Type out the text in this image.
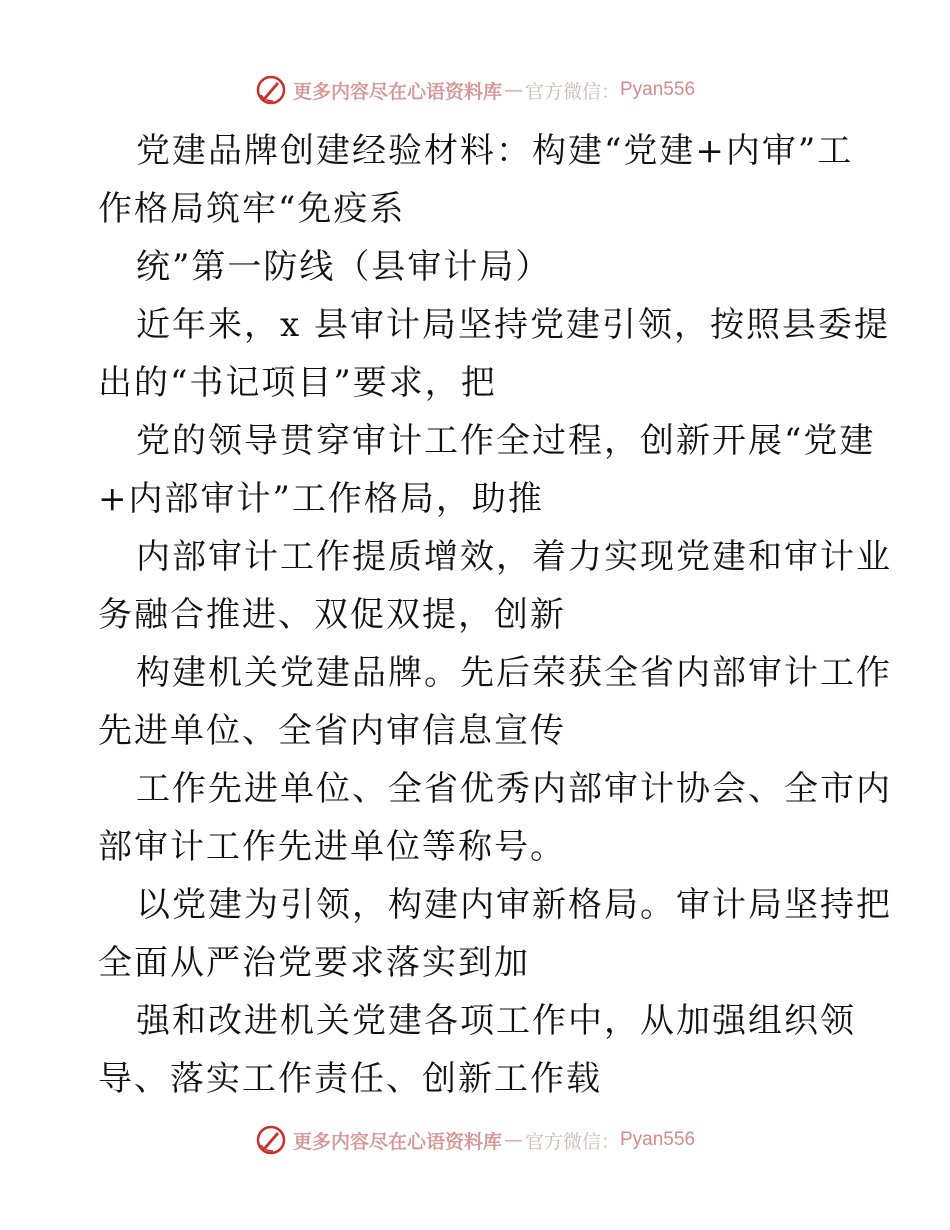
更多内容尽在心语资料库 — 官方微信： Pyan556
党建品牌创建经验材料：构建“党建+内审”工
作格局筑牢“免疫系
统”第一防线（县审计局）
近年来，x 县审计局坚持党建引领，按照县委提
出的“书记项目”要求，把
党的领导贯穿审计工作全过程，创新开展“党建
+内部审计”工作格局，助推
内部审计工作提质增效，着力实现党建和审计业
务融合推进、双促双提，创新
构建机关党建品牌。先后荣获全省内部审计工作
先进单位、全省内审信息宣传
工作先进单位、全省优秀内部审计协会、全市内
部审计工作先进单位等称号。
以党建为引领，构建内审新格局。审计局坚持把
全面从严治党要求落实到加
强和改进机关党建各项工作中，从加强组织领
导、落实工作责任、创新工作载
更多内容尽在心语资料库 — 官方微信： Pyan556
